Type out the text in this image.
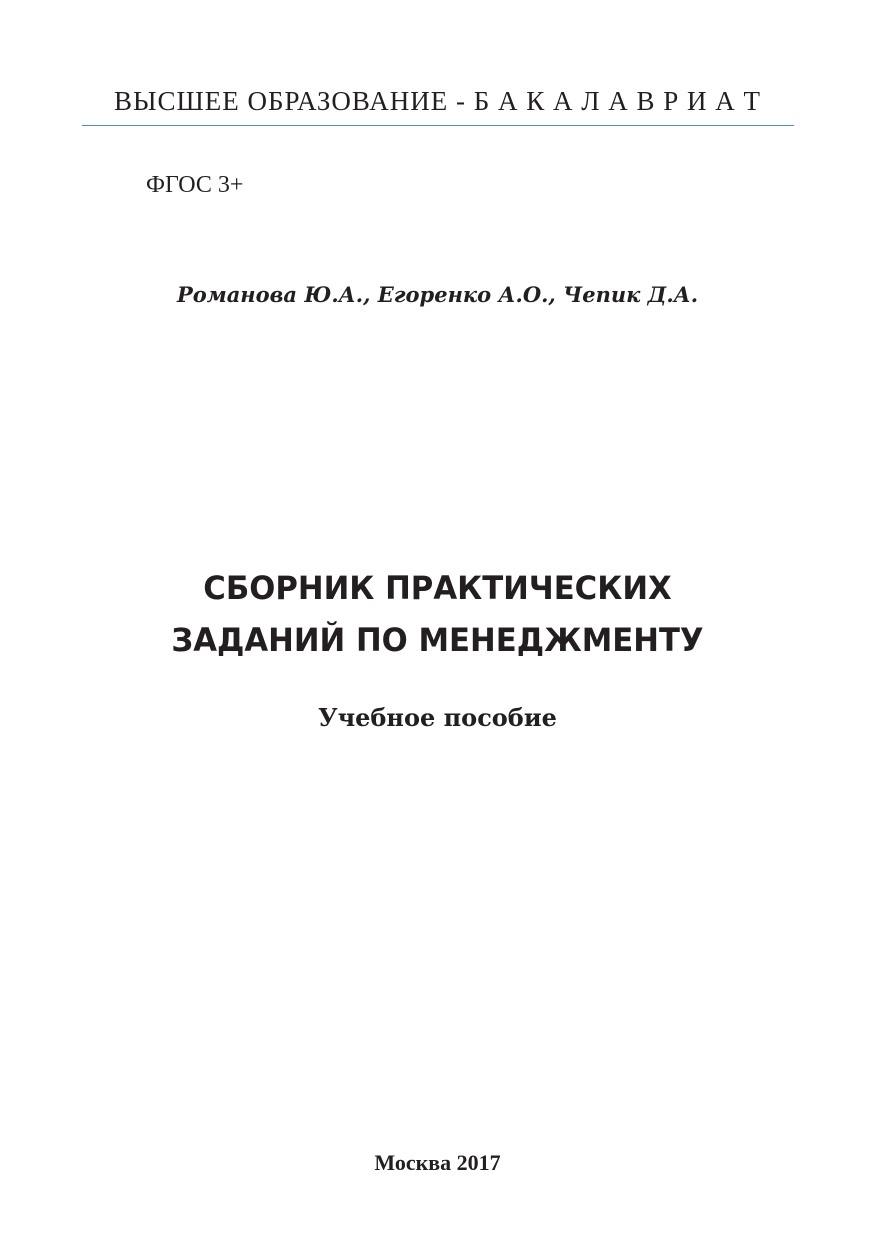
ВЫСШЕЕ ОБРАЗОВАНИЕ - Б А К А Л А В Р И А Т
ФГОС 3+
Романова Ю.А., Егоренко А.О., Чепик Д.А.
СБОРНИК ПРАКТИЧЕСКИХ
ЗАДАНИЙ ПО МЕНЕДЖМЕНТУ
Учебное пособие
Москва 2017
